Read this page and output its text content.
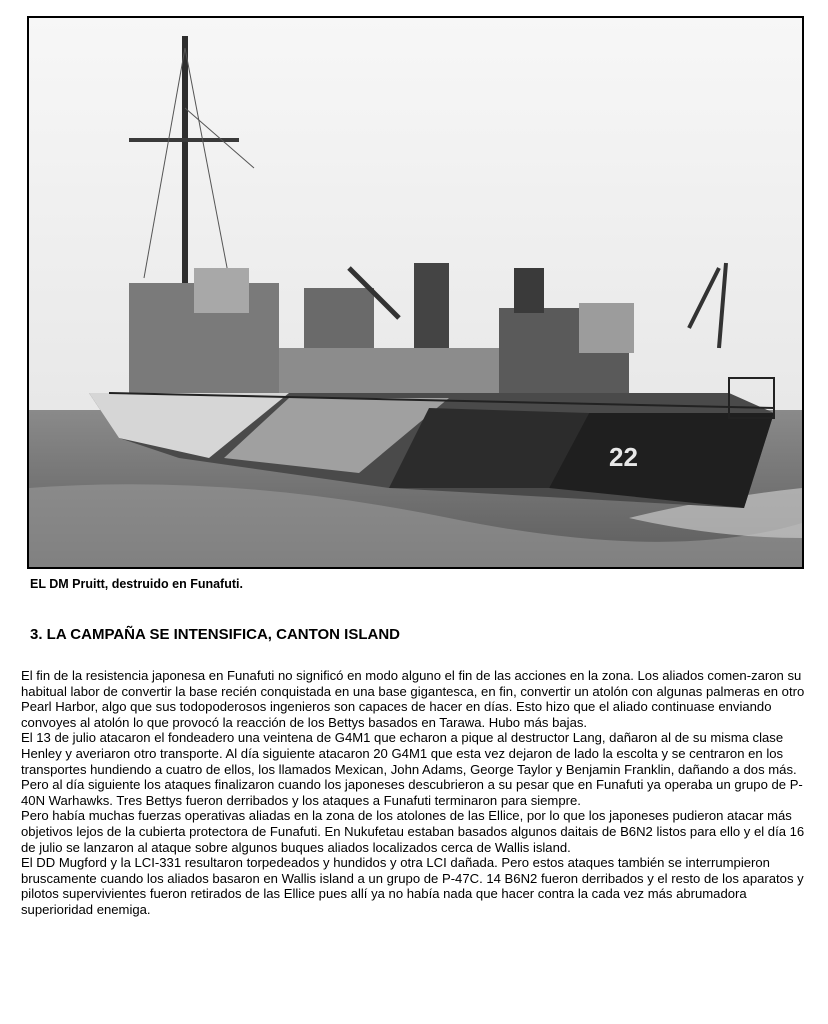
22
EL DM Pruitt, destruido en Funafuti.
3. LA CAMPAÑA SE INTENSIFICA, CANTON ISLAND

El fin de la resistencia japonesa en Funafuti no significó en modo alguno el fin de las acciones en la zona. Los aliados comen-zaron su habitual labor de convertir la base recién conquistada en una base gigantesca, en fin, convertir un atolón con algunas palmeras en otro Pearl Harbor, algo que sus todopoderosos ingenieros son capaces de hacer en días. Esto hizo que el aliado continuase enviando convoyes al atolón lo que provocó la reacción de los Bettys basados en Tarawa. Hubo más bajas.

El 13 de julio atacaron el fondeadero una veintena de G4M1 que echaron a pique al destructor Lang, dañaron al de su misma clase Henley y averiaron otro transporte. Al día siguiente atacaron 20 G4M1 que esta vez dejaron de lado la escolta y se centraron en los transportes hundiendo a cuatro de ellos, los llamados Mexican, John Adams, George Taylor y Benjamin Franklin, dañando a dos más. Pero al día siguiente los ataques finalizaron cuando los japoneses descubrieron a su pesar que en Funafuti ya operaba un grupo de P-40N Warhawks. Tres Bettys fueron derribados y los ataques a Funafuti terminaron para siempre.

Pero había muchas fuerzas operativas aliadas en la zona de los atolones de las Ellice, por lo que los japoneses pudieron atacar más objetivos lejos de la cubierta protectora de Funafuti. En Nukufetau estaban basados algunos daitais de B6N2 listos para ello y el día 16 de julio se lanzaron al ataque sobre algunos buques aliados localizados cerca de Wallis island.

El DD Mugford y la LCI-331 resultaron torpedeados y hundidos y otra LCI dañada. Pero estos ataques también se interrumpieron bruscamente cuando los aliados basaron en Wallis island a un grupo de P-47C. 14 B6N2 fueron derribados y el resto de los aparatos y pilotos supervivientes fueron retirados de las Ellice pues allí ya no había nada que hacer contra la cada vez más abrumadora superioridad enemiga.
